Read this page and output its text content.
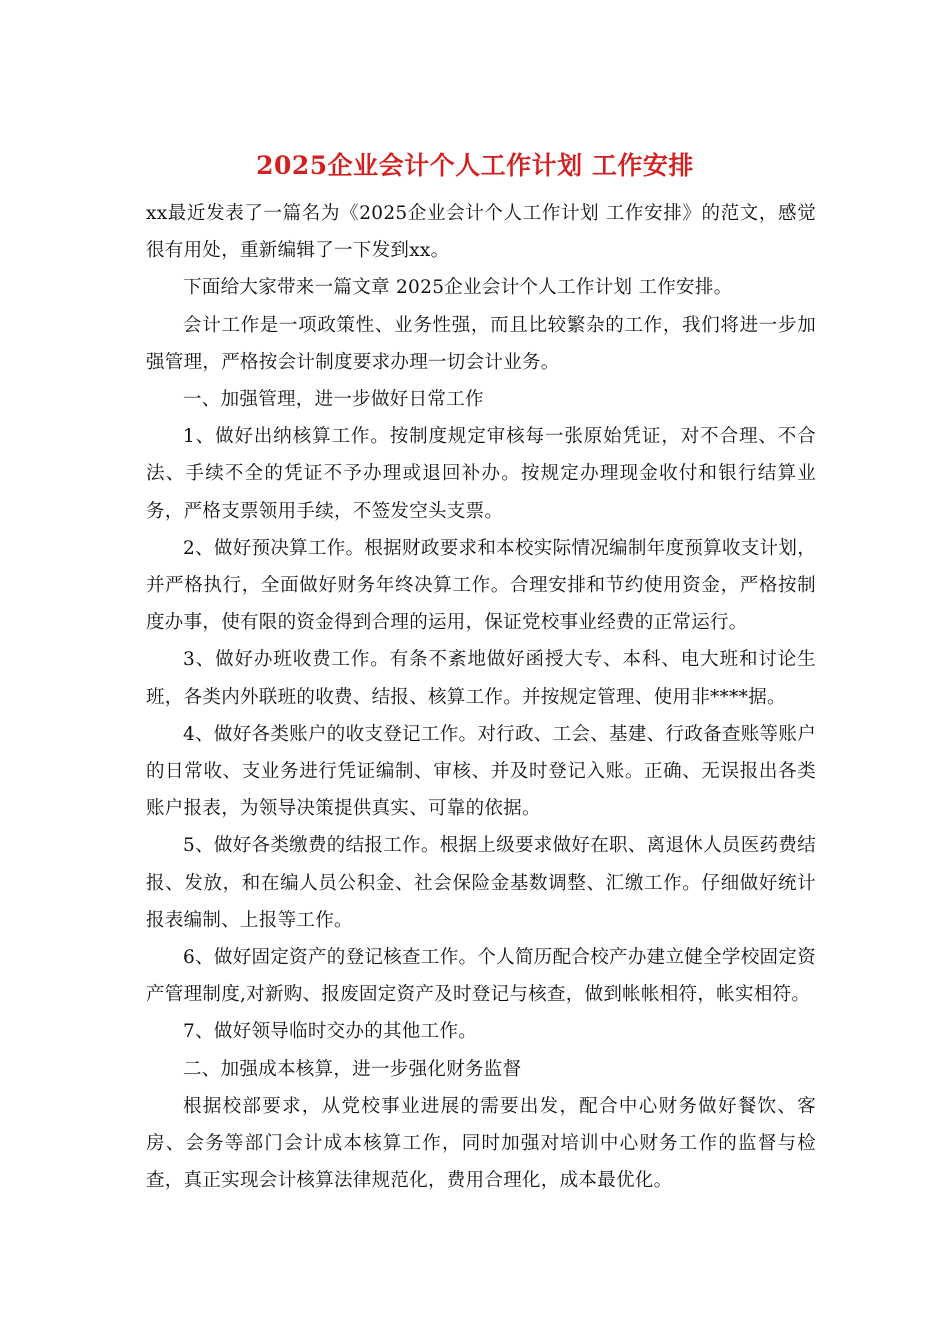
2025企业会计个人工作计划 工作安排

xx最近发表了一篇名为《2025企业会计个人工作计划 工作安排》的范文，感觉很有用处，重新编辑了一下发到xx。

下面给大家带来一篇文章 2025企业会计个人工作计划 工作安排。

会计工作是一项政策性、业务性强，而且比较繁杂的工作，我们将进一步加强管理，严格按会计制度要求办理一切会计业务。

一、加强管理，进一步做好日常工作

1、做好出纳核算工作。按制度规定审核每一张原始凭证，对不合理、不合法、手续不全的凭证不予办理或退回补办。按规定办理现金收付和银行结算业务，严格支票领用手续，不签发空头支票。

2、做好预决算工作。根据财政要求和本校实际情况编制年度预算收支计划，并严格执行，全面做好财务年终决算工作。合理安排和节约使用资金，严格按制度办事，使有限的资金得到合理的运用，保证党校事业经费的正常运行。

3、做好办班收费工作。有条不紊地做好函授大专、本科、电大班和讨论生班，各类内外联班的收费、结报、核算工作。并按规定管理、使用非****据。

4、做好各类账户的收支登记工作。对行政、工会、基建、行政备查账等账户的日常收、支业务进行凭证编制、审核、并及时登记入账。正确、无误报出各类账户报表，为领导决策提供真实、可靠的依据。

5、做好各类缴费的结报工作。根据上级要求做好在职、离退休人员医药费结报、发放，和在编人员公积金、社会保险金基数调整、汇缴工作。仔细做好统计报表编制、上报等工作。

6、做好固定资产的登记核查工作。个人简历配合校产办建立健全学校固定资产管理制度,对新购、报废固定资产及时登记与核查，做到帐帐相符，帐实相符。

7、做好领导临时交办的其他工作。

二、加强成本核算，进一步强化财务监督

根据校部要求，从党校事业进展的需要出发，配合中心财务做好餐饮、客房、会务等部门会计成本核算工作，同时加强对培训中心财务工作的监督与检查，真正实现会计核算法律规范化，费用合理化，成本最优化。
